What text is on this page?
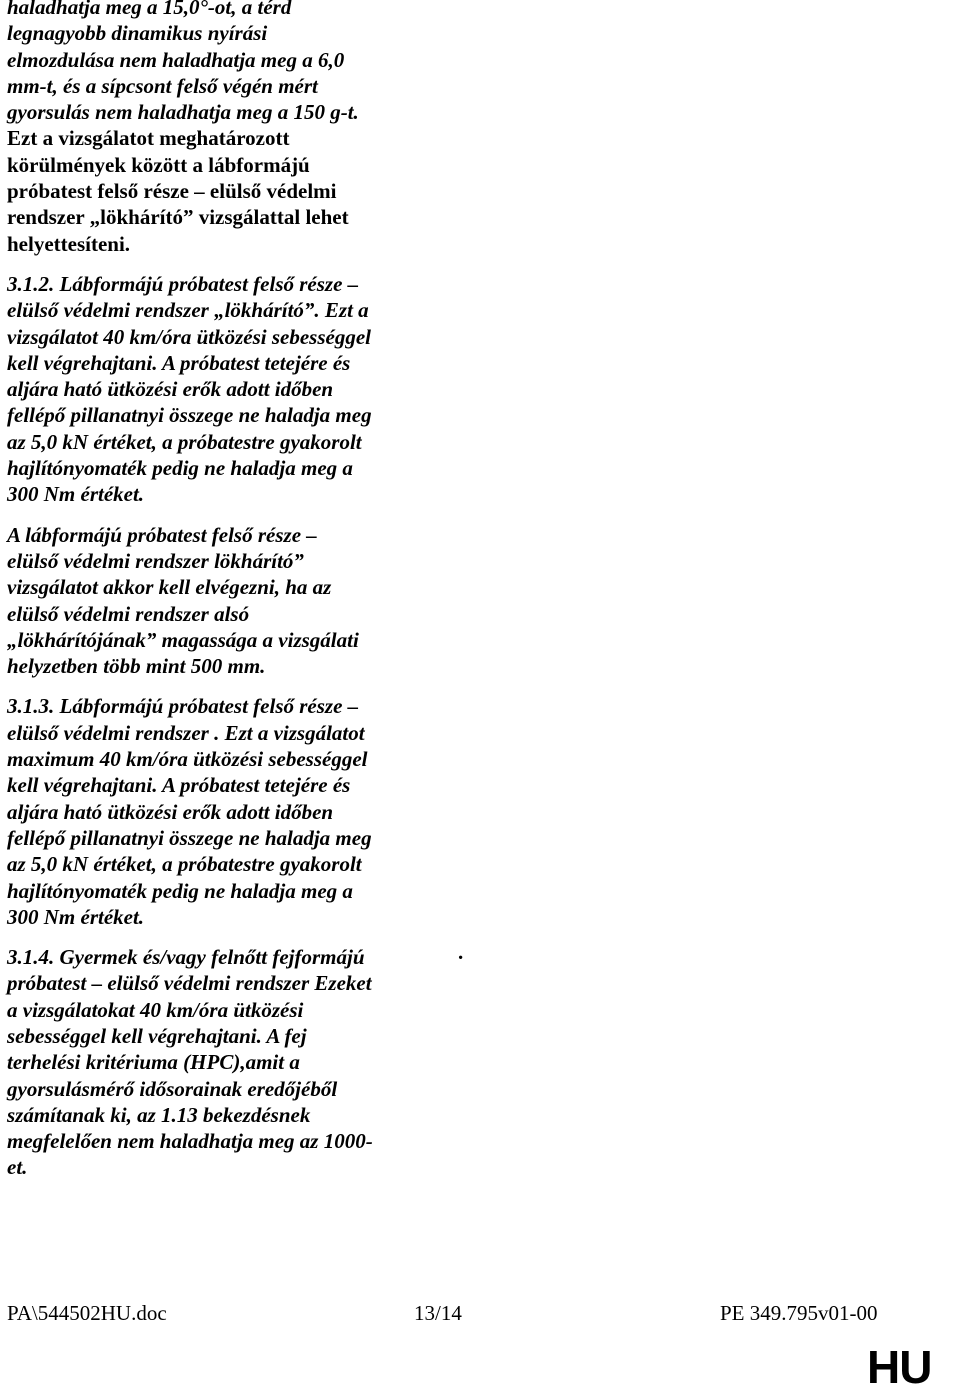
haladhatja meg a 15,0°-ot, a térd
legnagyobb dinamikus nyírási
elmozdulása nem haladhatja meg a 6,0
mm-t, és a sípcsont felső végén mért
gyorsulás nem haladhatja meg a 150 g-t.
Ezt a vizsgálatot meghatározott
körülmények között a lábformájú
próbatest felső része – elülső védelmi
rendszer „lökhárító” vizsgálattal lehet
helyettesíteni.
3.1.2. Lábformájú próbatest felső része –
elülső védelmi rendszer „lökhárító”. Ezt a
vizsgálatot 40 km/óra ütközési sebességgel
kell végrehajtani. A próbatest tetejére és
aljára ható ütközési erők adott időben
fellépő pillanatnyi összege ne haladja meg
az 5,0 kN értéket, a próbatestre gyakorolt
hajlítónyomaték pedig ne haladja meg a
300 Nm értéket.
A lábformájú próbatest felső része –
elülső védelmi rendszer lökhárító”
vizsgálatot akkor kell elvégezni, ha az
elülső védelmi rendszer alsó
„lökhárítójának” magassága a vizsgálati
helyzetben több mint 500 mm.
3.1.3. Lábformájú próbatest felső része –
elülső védelmi rendszer . Ezt a vizsgálatot
maximum 40 km/óra ütközési sebességgel
kell végrehajtani. A próbatest tetejére és
aljára ható ütközési erők adott időben
fellépő pillanatnyi összege ne haladja meg
az 5,0 kN értéket, a próbatestre gyakorolt
hajlítónyomaték pedig ne haladja meg a
300 Nm értéket.
3.1.4. Gyermek és/vagy felnőtt fejformájú
próbatest – elülső védelmi rendszer Ezeket
a vizsgálatokat 40 km/óra ütközési
sebességgel kell végrehajtani. A fej
terhelési kritériuma (HPC),amit a
gyorsulásmérő idősorainak eredőjéből
számítanak ki, az 1.13 bekezdésnek
megfelelően nem haladhatja meg az 1000-
et.
.
PA\544502HU.doc	13/14	PE 349.795v01-00
HU
